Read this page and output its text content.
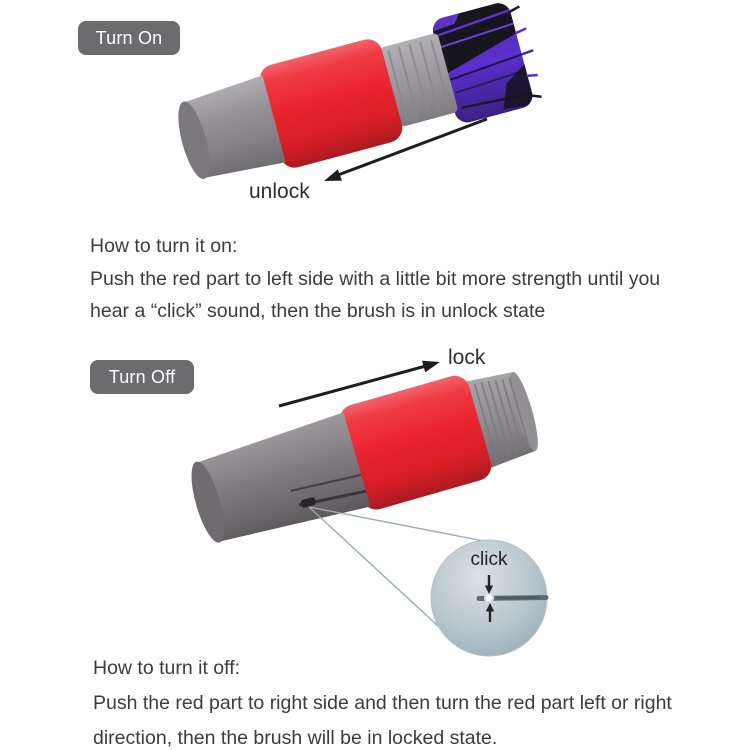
Turn On
Turn Off
unlock
lock
click
How to turn it on:
Push the red part to left side with a little bit more strength until you
hear a “click” sound, then the brush is in unlock state
How to turn it off:
Push the red part to right side and then turn the red part left or right
direction, then the brush will be in locked state.
